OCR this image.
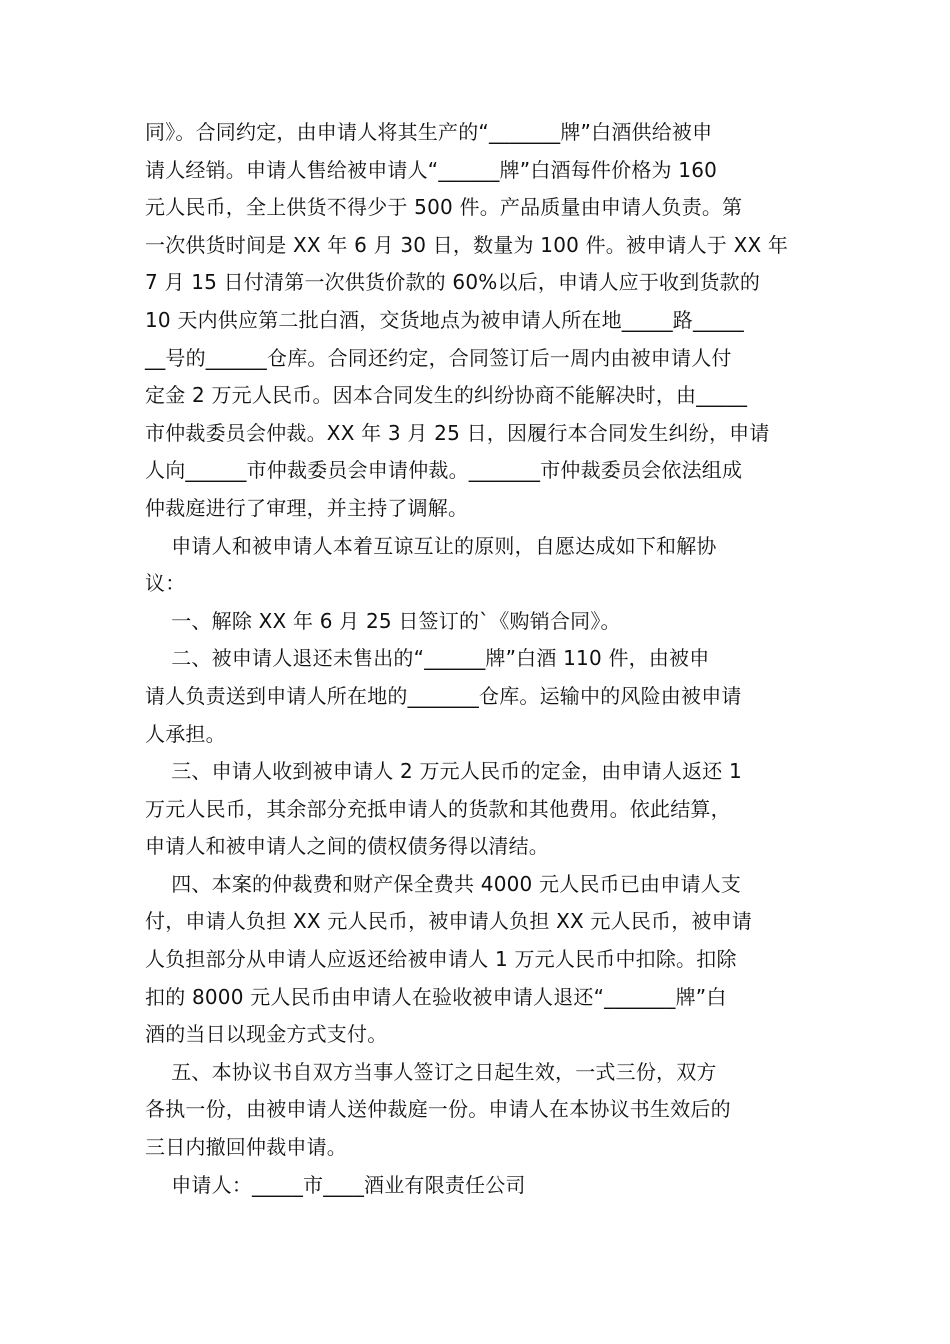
同》。合同约定，由申请人将其生产的“_______牌”白酒供给被申
请人经销。申请人售给被申请人“______牌”白酒每件价格为 160
元人民币，全上供货不得少于 500 件。产品质量由申请人负责。第
一次供货时间是 XX 年 6 月 30 日，数量为 100 件。被申请人于 XX 年
7 月 15 日付清第一次供货价款的 60%以后，申请人应于收到货款的
10 天内供应第二批白酒，交货地点为被申请人所在地_____路_____
__号的______仓库。合同还约定，合同签订后一周内由被申请人付
定金 2 万元人民币。因本合同发生的纠纷协商不能解决时，由_____
市仲裁委员会仲裁。XX 年 3 月 25 日，因履行本合同发生纠纷，申请
人向______市仲裁委员会申请仲裁。_______市仲裁委员会依法组成
仲裁庭进行了审理，并主持了调解。
申请人和被申请人本着互谅互让的原则，自愿达成如下和解协
议：
一、解除 XX 年 6 月 25 日签订的`《购销合同》。
二、被申请人退还未售出的“______牌”白酒 110 件，由被申
请人负责送到申请人所在地的_______仓库。运输中的风险由被申请
人承担。
三、申请人收到被申请人 2 万元人民币的定金，由申请人返还 1
万元人民币，其余部分充抵申请人的货款和其他费用。依此结算，
申请人和被申请人之间的债权债务得以清结。
四、本案的仲裁费和财产保全费共 4000 元人民币已由申请人支
付，申请人负担 XX 元人民币，被申请人负担 XX 元人民币，被申请
人负担部分从申请人应返还给被申请人 1 万元人民币中扣除。扣除
扣的 8000 元人民币由申请人在验收被申请人退还“_______牌”白
酒的当日以现金方式支付。
五、本协议书自双方当事人签订之日起生效，一式三份，双方
各执一份，由被申请人送仲裁庭一份。申请人在本协议书生效后的
三日内撤回仲裁申请。
申请人：_____市____酒业有限责任公司
